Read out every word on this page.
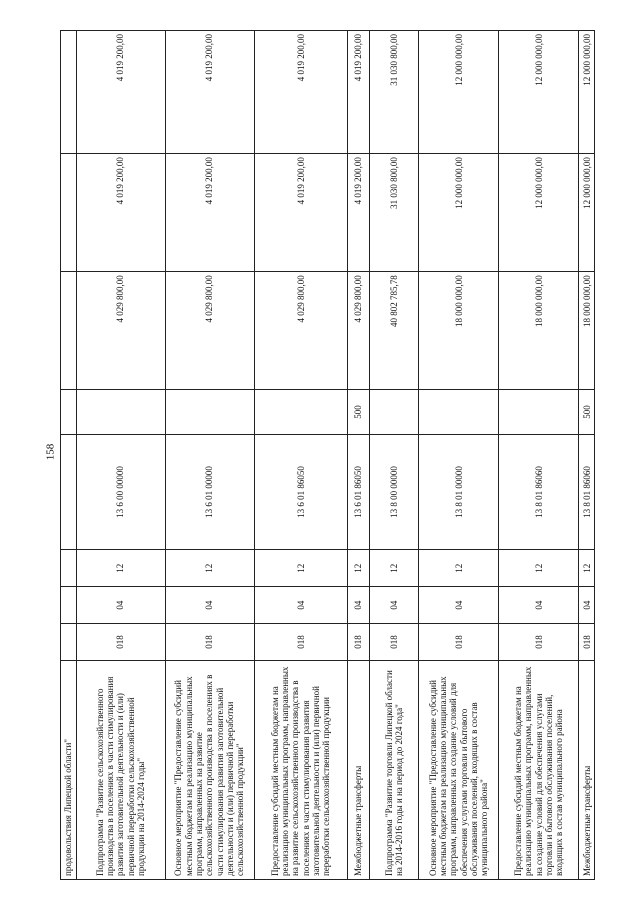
158
продовольствия Липецкой области"								
Подпрограмма "Развитие сельскохозяйственного производства в поселениях в части стимулирования развития заготовительной деятельности и (или) первичной переработки сельскохозяйственной продукции на 2014-2024 годы"	018	04	12	13 6 00 00000		4 029 800,00	4 019 200,00	4 019 200,00
Основное мероприятие "Предоставление субсидий местным бюджетам на реализацию муниципальных программ, направленных на развитие сельскохозяйственного производства в поселениях в части стимулирования развития заготовительной деятельности и (или) первичной переработки сельскохозяйственной продукции"	018	04	12	13 6 01 00000		4 029 800,00	4 019 200,00	4 019 200,00
Предоставление субсидий местным бюджетам на реализацию муниципальных программ, направленных на развитие сельскохозяйственного производства в поселениях в части стимулирования развития заготовительной деятельности и (или) первичной переработки сельскохозяйственной продукции	018	04	12	13 6 01 86050		4 029 800,00	4 019 200,00	4 019 200,00
Межбюджетные трансферты	018	04	12	13 6 01 86050	500	4 029 800,00	4 019 200,00	4 019 200,00
Подпрограмма "Развитие торговли Липецкой области на 2014-2016 годы и на период до 2024 года"	018	04	12	13 8 00 00000		40 802 785,78	31 030 800,00	31 030 800,00
Основное мероприятие "Предоставление субсидий местным бюджетам на реализацию муниципальных программ, направленных на создание условий для обеспечения услугами торговли и бытового обслуживания поселений, входящих в состав муниципального района"	018	04	12	13 8 01 00000		18 000 000,00	12 000 000,00	12 000 000,00
Предоставление субсидий местным бюджетам на реализацию муниципальных программ, направленных на создание условий для обеспечения услугами торговли и бытового обслуживания поселений, входящих в состав муниципального района	018	04	12	13 8 01 86060		18 000 000,00	12 000 000,00	12 000 000,00
Межбюджетные трансферты	018	04	12	13 8 01 86060	500	18 000 000,00	12 000 000,00	12 000 000,00
